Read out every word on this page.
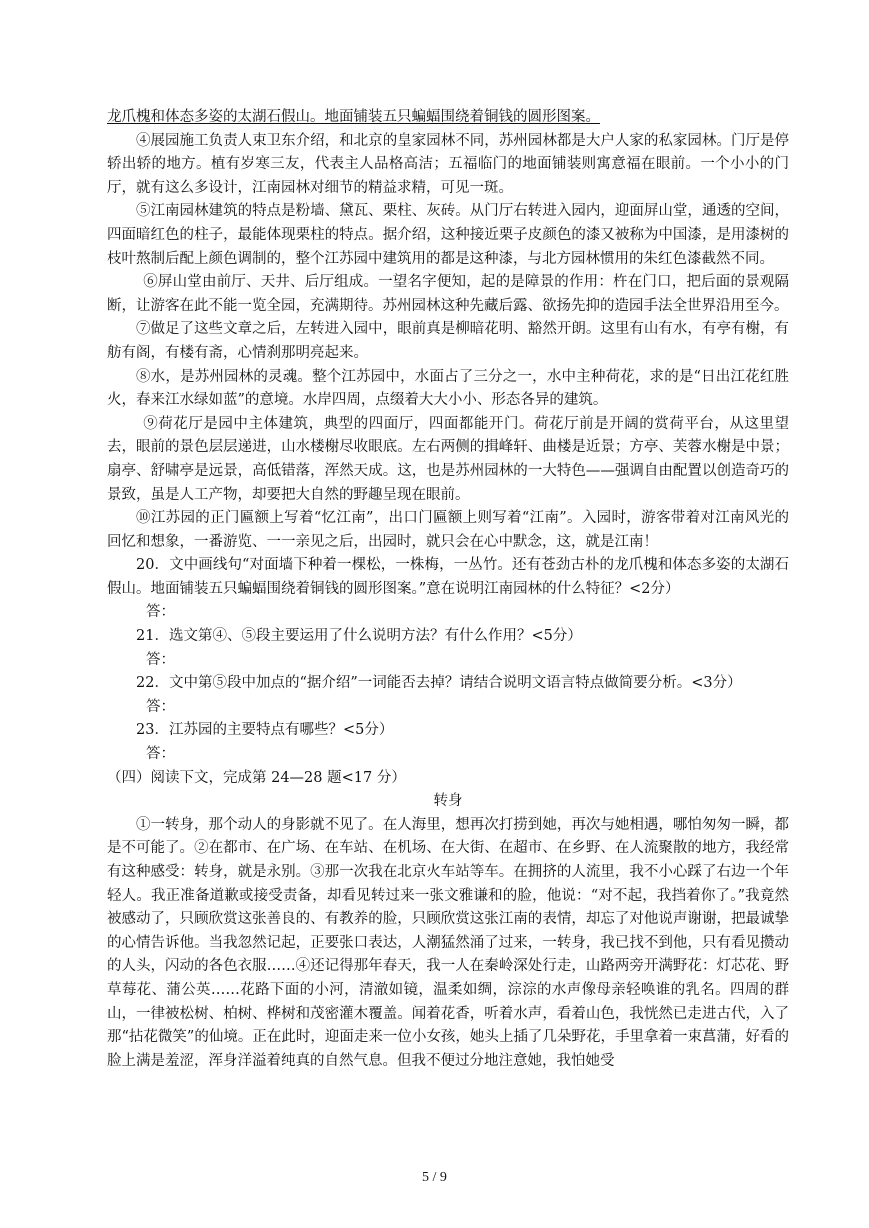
龙爪槐和体态多姿的太湖石假山。地面铺装五只蝙蝠围绕着铜钱的圆形图案。

④展园施工负责人束卫东介绍，和北京的皇家园林不同，苏州园林都是大户人家的私家园林。门厅是停轿出轿的地方。植有岁寒三友，代表主人品格高洁；五福临门的地面铺装则寓意福在眼前。一个小小的门厅，就有这么多设计，江南园林对细节的精益求精，可见一斑。

⑤江南园林建筑的特点是粉墙、黛瓦、栗柱、灰砖。从门厅右转进入园内，迎面屏山堂，通透的空间，四面暗红色的柱子，最能体现栗柱的特点。据介绍，这种接近栗子皮颜色的漆又被称为中国漆，是用漆树的枝叶熬制后配上颜色调制的，整个江苏园中建筑用的都是这种漆，与北方园林惯用的朱红色漆截然不同。

⑥屏山堂由前厅、天井、后厅组成。一望名字便知，起的是障景的作用：杵在门口，把后面的景观隔断，让游客在此不能一览全园，充满期待。苏州园林这种先藏后露、欲扬先抑的造园手法全世界沿用至今。

⑦做足了这些文章之后，左转进入园中，眼前真是柳暗花明、豁然开朗。这里有山有水，有亭有榭，有舫有阁，有楼有斋，心情刹那明亮起来。

⑧水，是苏州园林的灵魂。整个江苏园中，水面占了三分之一，水中主种荷花，求的是“日出江花红胜火，春来江水绿如蓝”的意境。水岸四周，点缀着大大小小、形态各异的建筑。

⑨荷花厅是园中主体建筑，典型的四面厅，四面都能开门。荷花厅前是开阔的赏荷平台，从这里望去，眼前的景色层层递进，山水楼榭尽收眼底。左右两侧的揖峰轩、曲楼是近景；方亭、芙蓉水榭是中景；扇亭、舒啸亭是远景，高低错落，浑然天成。这，也是苏州园林的一大特色——强调自由配置以创造奇巧的景致，虽是人工产物，却要把大自然的野趣呈现在眼前。

⑩江苏园的正门匾额上写着“忆江南”，出口门匾额上则写着“江南”。入园时，游客带着对江南风光的回忆和想象，一番游览、一一亲见之后，出园时，就只会在心中默念，这，就是江南！

20．文中画线句“对面墙下种着一棵松，一株梅，一丛竹。还有苍劲古朴的龙爪槐和体态多姿的太湖石假山。地面铺装五只蝙蝠围绕着铜钱的圆形图案。”意在说明江南园林的什么特征？<2分）

答：

21．选文第④、⑤段主要运用了什么说明方法？有什么作用？<5分）

答：

22．文中第⑤段中加点的“据介绍”一词能否去掉？请结合说明文语言特点做简要分析。<3分）

答：

23．江苏园的主要特点有哪些？<5分）

答：

（四）阅读下文，完成第 24—28 题<17 分）

转身

①一转身，那个动人的身影就不见了。在人海里，想再次打捞到她，再次与她相遇，哪怕匆匆一瞬，都是不可能了。②在都市、在广场、在车站、在机场、在大街、在超市、在乡野、在人流聚散的地方，我经常有这种感受：转身，就是永别。③那一次我在北京火车站等车。在拥挤的人流里，我不小心踩了右边一个年轻人。我正准备道歉或接受责备，却看见转过来一张文雅谦和的脸，他说：“对不起，我挡着你了。”我竟然被感动了，只顾欣赏这张善良的、有教养的脸，只顾欣赏这张江南的表情，却忘了对他说声谢谢，把最诚挚的心情告诉他。当我忽然记起，正要张口表达，人潮猛然涌了过来，一转身，我已找不到他，只有看见攒动的人头，闪动的各色衣服……④还记得那年春天，我一人在秦岭深处行走，山路两旁开满野花：灯芯花、野草莓花、蒲公英……花路下面的小河，清澈如镜，温柔如绸，淙淙的水声像母亲轻唤谁的乳名。四周的群山，一律被松树、柏树、桦树和茂密灌木覆盖。闻着花香，听着水声，看着山色，我恍然已走进古代，入了那“拈花微笑”的仙境。正在此时，迎面走来一位小女孩，她头上插了几朵野花，手里拿着一束菖蒲，好看的脸上满是羞涩，浑身洋溢着纯真的自然气息。但我不便过分地注意她，我怕她受

5 / 9
